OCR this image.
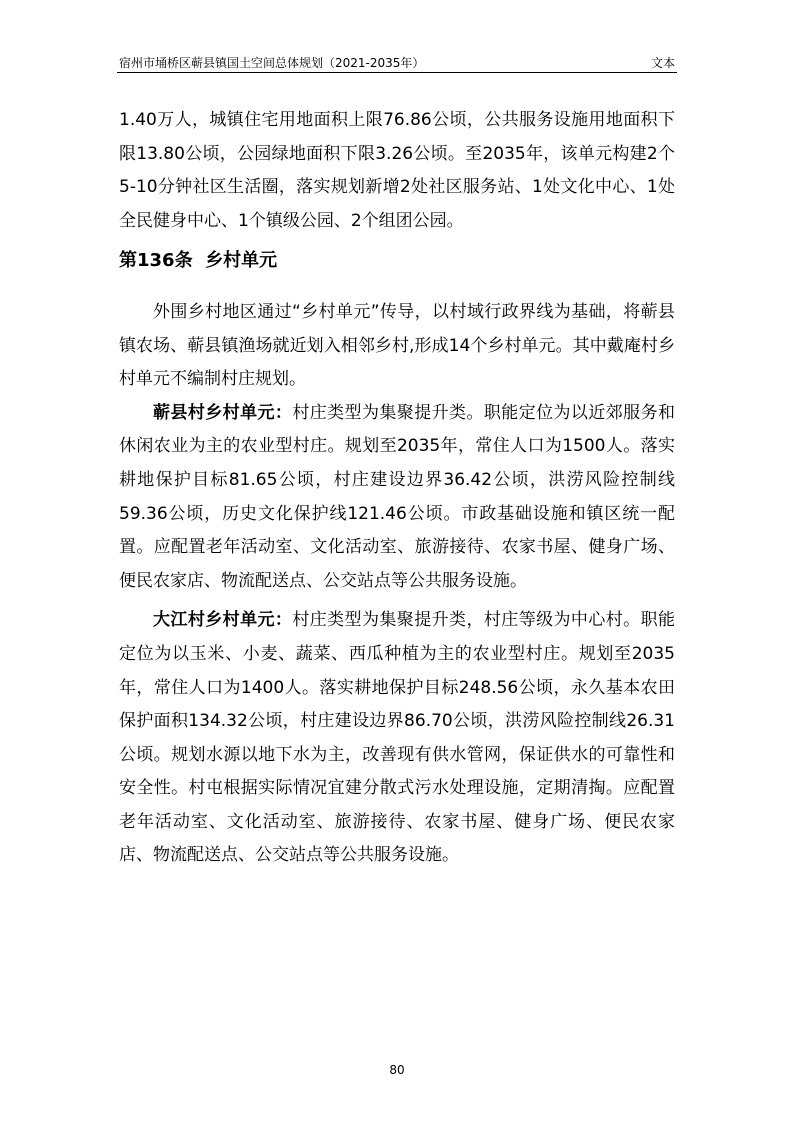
宿州市埇桥区蕲县镇国土空间总体规划（2021-2035年）	文本

1.40万人，城镇住宅用地面积上限76.86公顷，公共服务设施用地面积下限13.80公顷，公园绿地面积下限3.26公顷。至2035年，该单元构建2个5-10分钟社区生活圈，落实规划新增2处社区服务站、1处文化中心、1处全民健身中心、1个镇级公园、2个组团公园。

第136条  乡村单元

外围乡村地区通过“乡村单元”传导，以村域行政界线为基础，将蕲县镇农场、蕲县镇渔场就近划入相邻乡村,形成14个乡村单元。其中戴庵村乡村单元不编制村庄规划。

蕲县村乡村单元：村庄类型为集聚提升类。职能定位为以近郊服务和休闲农业为主的农业型村庄。规划至2035年，常住人口为1500人。落实耕地保护目标81.65公顷，村庄建设边界36.42公顷，洪涝风险控制线59.36公顷，历史文化保护线121.46公顷。市政基础设施和镇区统一配置。应配置老年活动室、文化活动室、旅游接待、农家书屋、健身广场、便民农家店、物流配送点、公交站点等公共服务设施。

大江村乡村单元：村庄类型为集聚提升类，村庄等级为中心村。职能定位为以玉米、小麦、蔬菜、西瓜种植为主的农业型村庄。规划至2035年，常住人口为1400人。落实耕地保护目标248.56公顷，永久基本农田保护面积134.32公顷，村庄建设边界86.70公顷，洪涝风险控制线26.31公顷。规划水源以地下水为主，改善现有供水管网，保证供水的可靠性和安全性。村屯根据实际情况宜建分散式污水处理设施，定期清掏。应配置老年活动室、文化活动室、旅游接待、农家书屋、健身广场、便民农家店、物流配送点、公交站点等公共服务设施。

80
